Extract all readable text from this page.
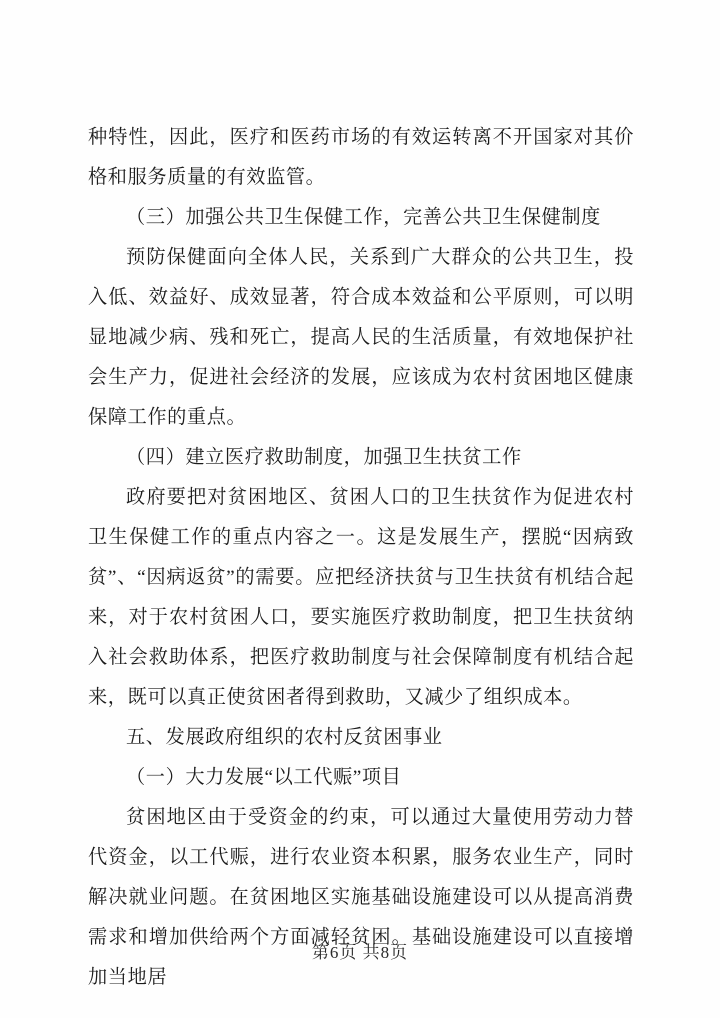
种特性，因此，医疗和医药市场的有效运转离不开国家对其价格和服务质量的有效监管。

（三）加强公共卫生保健工作，完善公共卫生保健制度

预防保健面向全体人民，关系到广大群众的公共卫生，投入低、效益好、成效显著，符合成本效益和公平原则，可以明显地减少病、残和死亡，提高人民的生活质量，有效地保护社会生产力，促进社会经济的发展，应该成为农村贫困地区健康保障工作的重点。

（四）建立医疗救助制度，加强卫生扶贫工作

政府要把对贫困地区、贫困人口的卫生扶贫作为促进农村卫生保健工作的重点内容之一。这是发展生产，摆脱“因病致贫”、“因病返贫”的需要。应把经济扶贫与卫生扶贫有机结合起来，对于农村贫困人口，要实施医疗救助制度，把卫生扶贫纳入社会救助体系，把医疗救助制度与社会保障制度有机结合起来，既可以真正使贫困者得到救助，又减少了组织成本。

五、发展政府组织的农村反贫困事业

（一）大力发展“以工代赈”项目

贫困地区由于受资金的约束，可以通过大量使用劳动力替代资金，以工代赈，进行农业资本积累，服务农业生产，同时解决就业问题。在贫困地区实施基础设施建设可以从提高消费需求和增加供给两个方面减轻贫困。基础设施建设可以直接增加当地居

第6页 共8页
